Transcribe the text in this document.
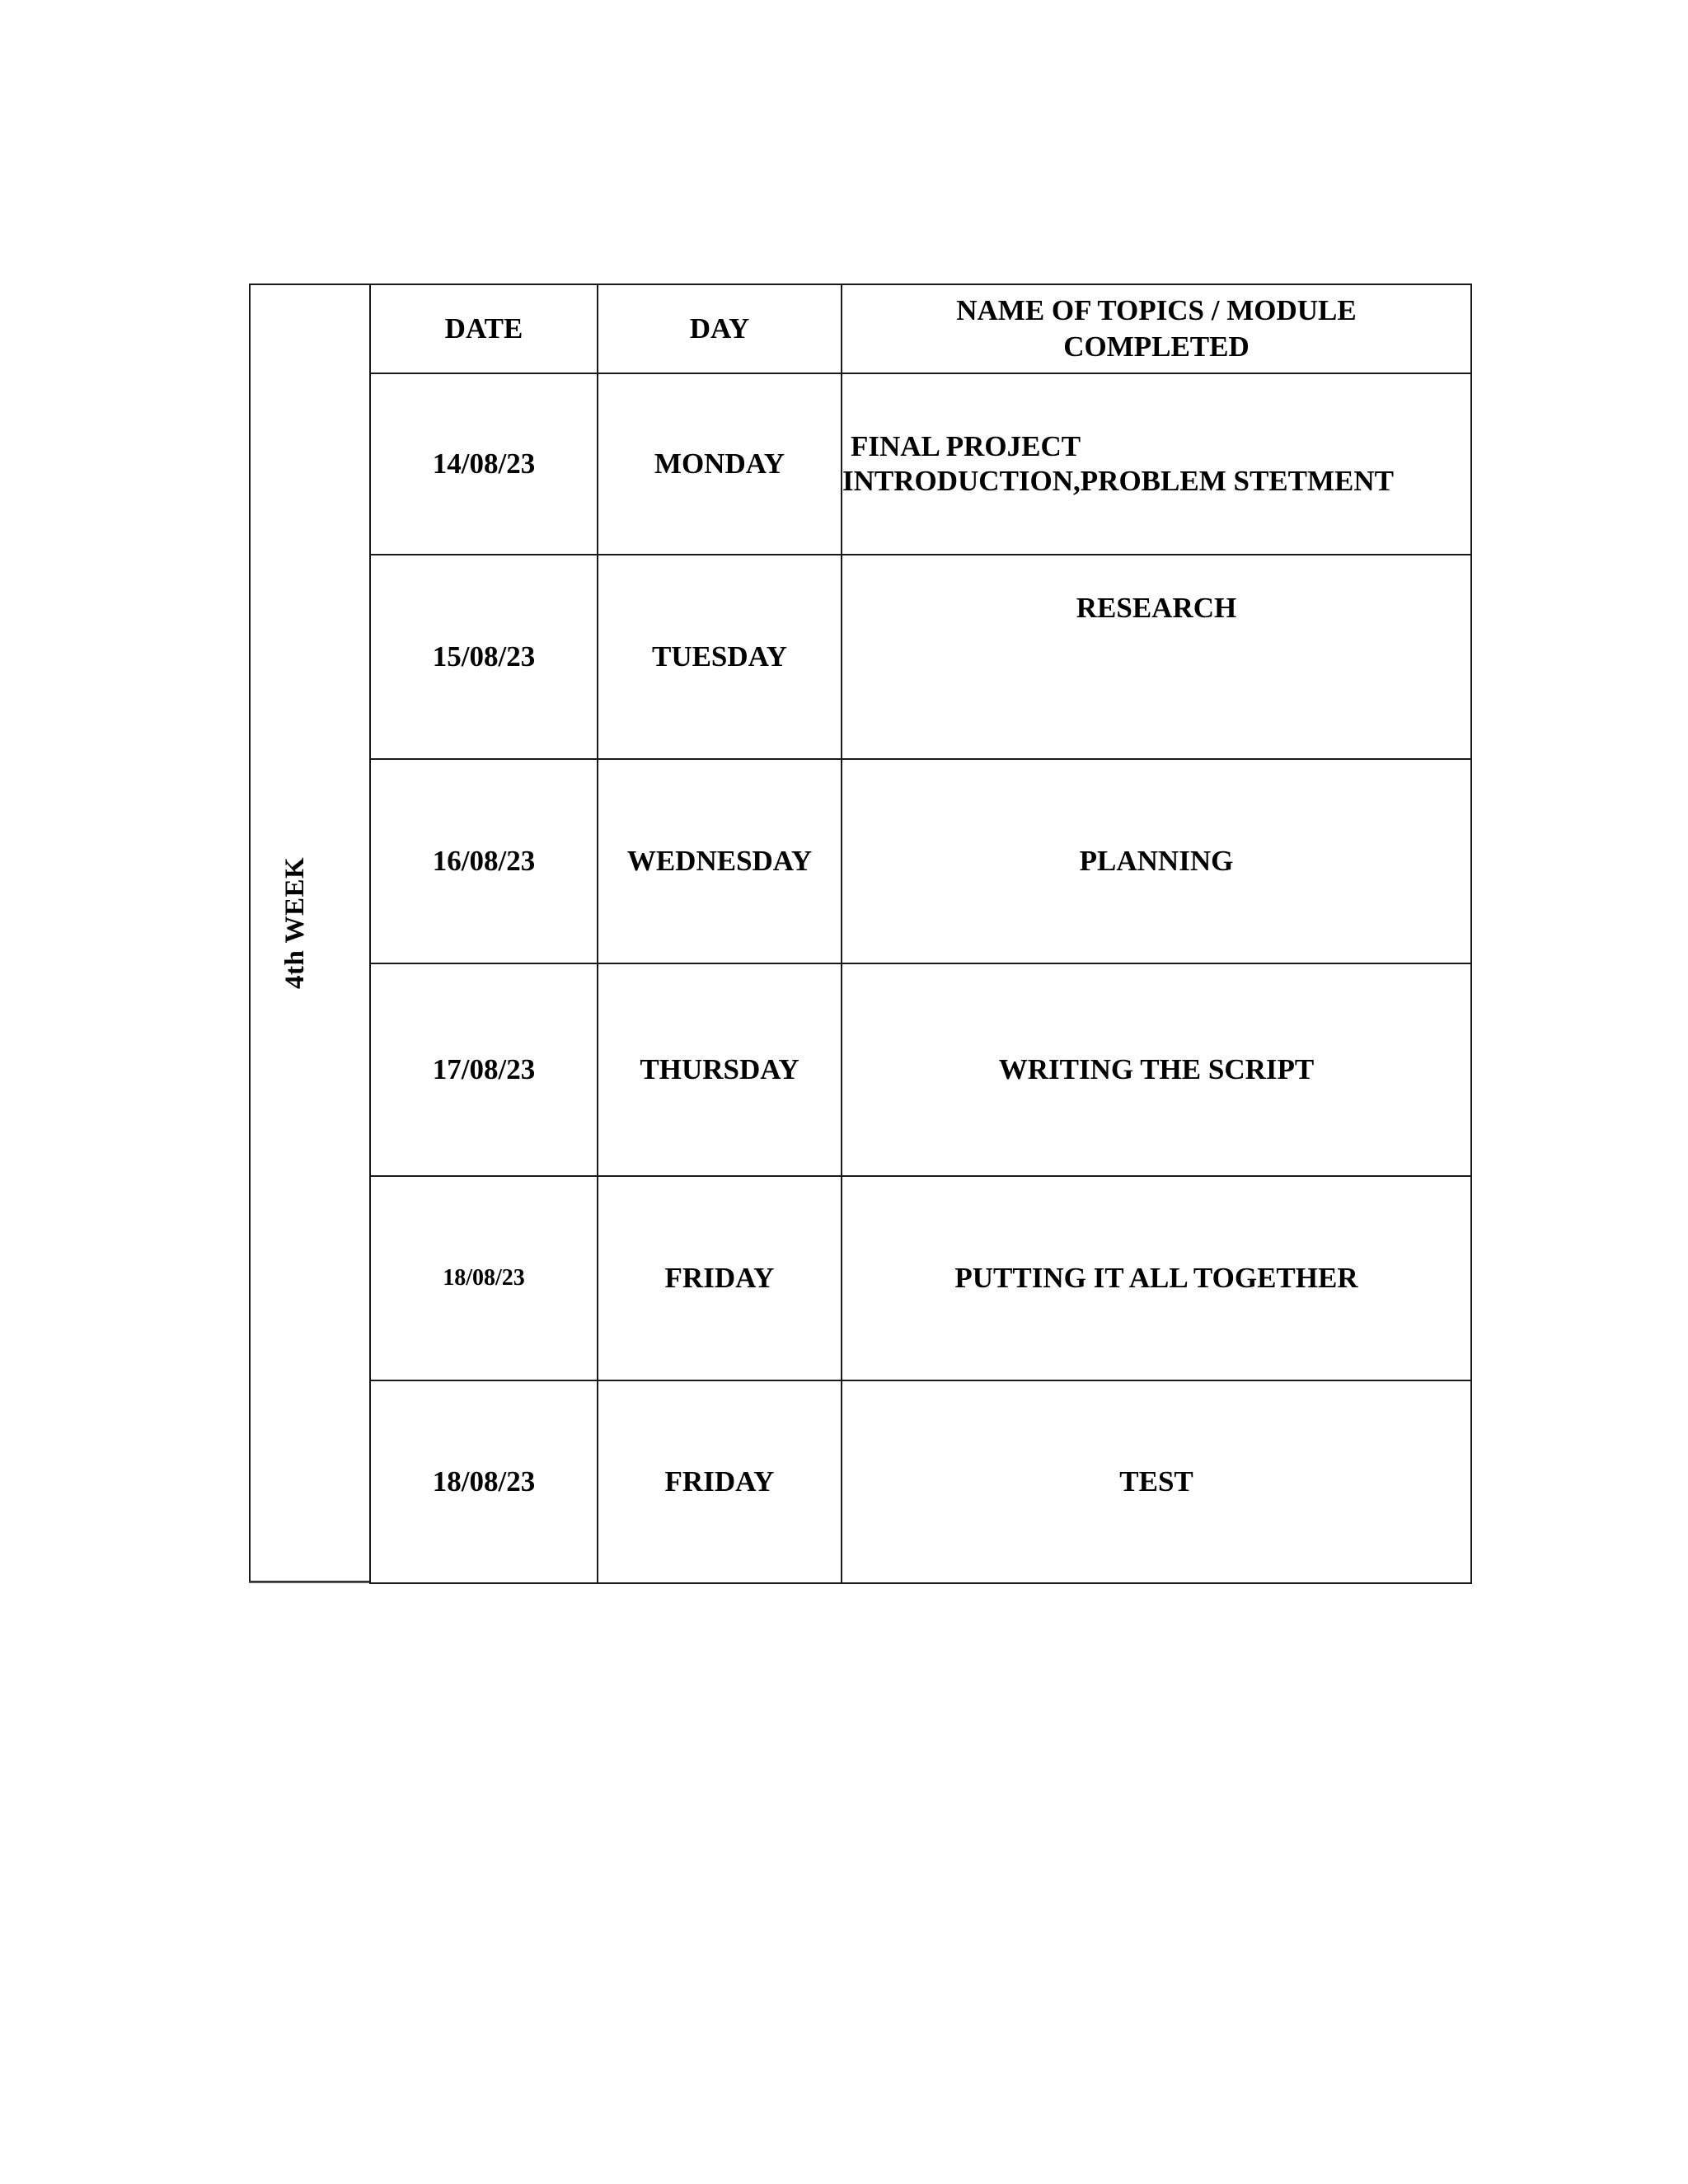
4th WEEK
DATE	DAY	NAME OF TOPICS / MODULE
COMPLETED
14/08/23	MONDAY	FINAL PROJECT
INTRODUCTION,PROBLEM STETMENT

15/08/23	TUESDAY	RESEARCH
16/08/23	WEDNESDAY	PLANNING
17/08/23	THURSDAY	WRITING THE SCRIPT
18/08/23	FRIDAY	PUTTING IT ALL TOGETHER
18/08/23	FRIDAY	TEST
